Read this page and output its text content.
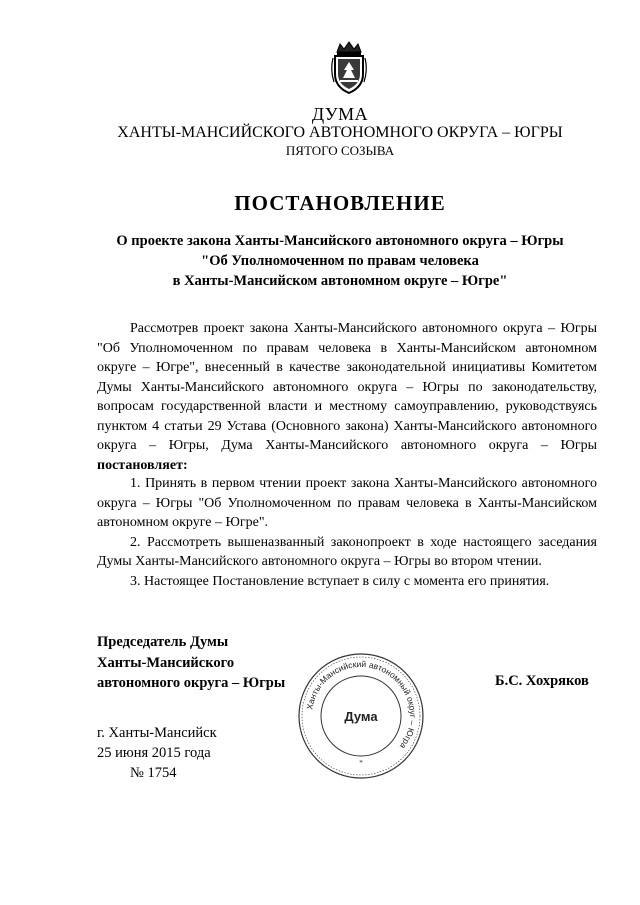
ДУМА
ХАНТЫ-МАНСИЙСКОГО АВТОНОМНОГО ОКРУГА – ЮГРЫ
ПЯТОГО СОЗЫВА
ПОСТАНОВЛЕНИЕ
О проекте закона Ханты-Мансийского автономного округа – Югры
"Об Уполномоченном по правам человека
в Ханты-Мансийском автономном округе – Югре"
Рассмотрев проект закона Ханты-Мансийского автономного округа – Югры "Об Уполномоченном по правам человека в Ханты-Мансийском автономном округе – Югре", внесенный в качестве законодательной инициативы Комитетом Думы Ханты-Мансийского автономного округа – Югры по законодательству, вопросам государственной власти и местному самоуправлению, руководствуясь пунктом 4 статьи 29 Устава (Основного закона) Ханты-Мансийского автономного округа – Югры, Дума Ханты-Мансийского автономного округа – Югры постановляет:

1. Принять в первом чтении проект закона Ханты-Мансийского автономного округа – Югры "Об Уполномоченном по правам человека в Ханты-Мансийском автономном округе – Югре".

2. Рассмотреть вышеназванный законопроект в ходе настоящего заседания Думы Ханты-Мансийского автономного округа – Югры во втором чтении.

3. Настоящее Постановление вступает в силу с момента его принятия.

Председатель Думы
Ханты-Мансийского
автономного округа – Югры	Б.С. Хохряков
Ханты-Мансийский автономный округ – Югра
Дума
*
г. Ханты-Мансийск
25 июня 2015 года
№ 1754
